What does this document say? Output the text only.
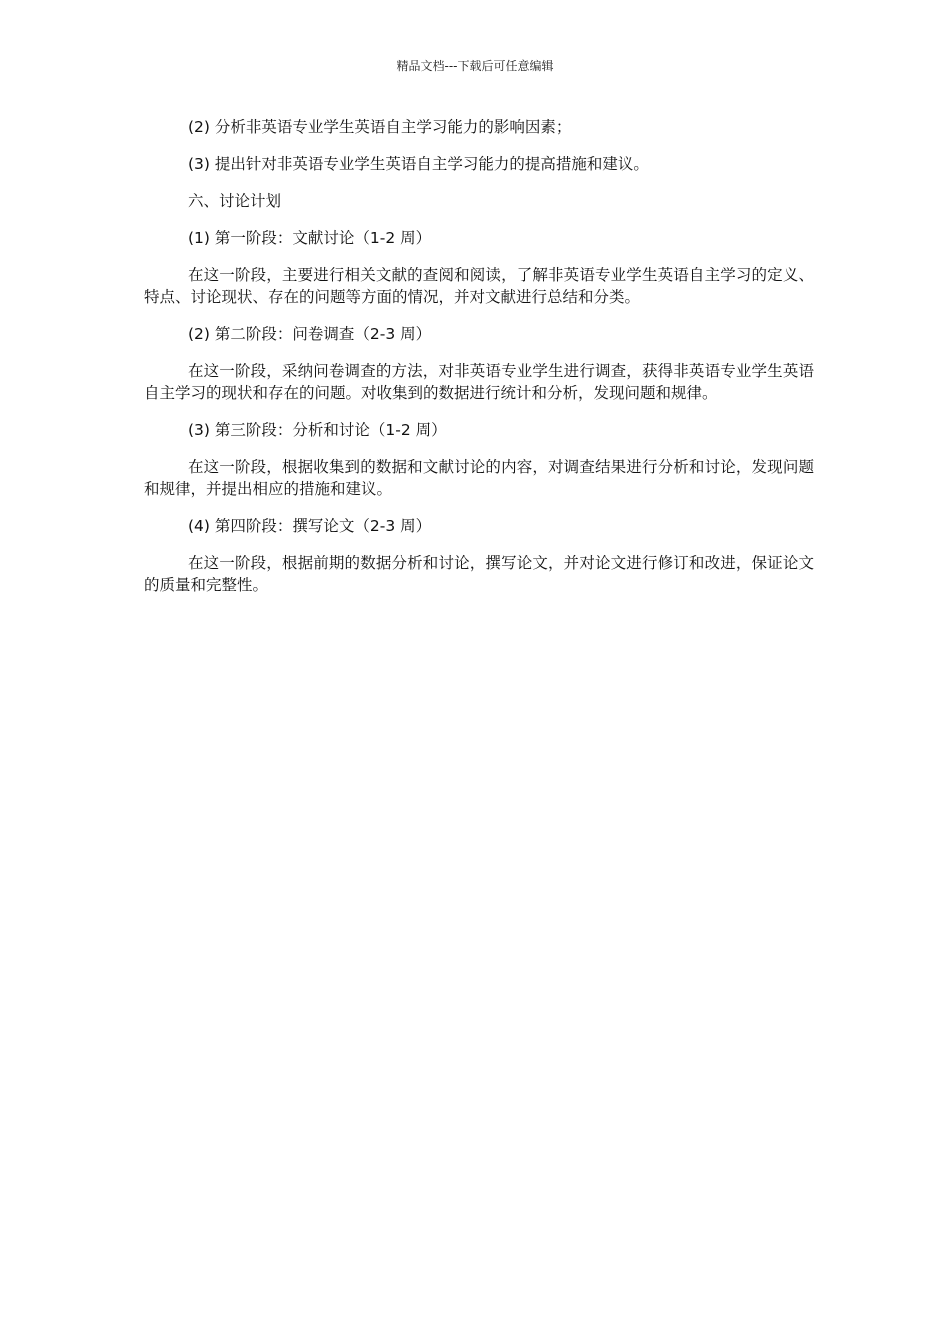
精品文档---下载后可任意编辑

(2) 分析非英语专业学生英语自主学习能力的影响因素；

(3) 提出针对非英语专业学生英语自主学习能力的提高措施和建议。

六、讨论计划

(1) 第一阶段：文献讨论（1-2 周）

在这一阶段，主要进行相关文献的查阅和阅读，了解非英语专业学生英语自主学习的定义、特点、讨论现状、存在的问题等方面的情况，并对文献进行总结和分类。

(2) 第二阶段：问卷调查（2-3 周）

在这一阶段，采纳问卷调查的方法，对非英语专业学生进行调查，获得非英语专业学生英语自主学习的现状和存在的问题。对收集到的数据进行统计和分析，发现问题和规律。

(3) 第三阶段：分析和讨论（1-2 周）

在这一阶段，根据收集到的数据和文献讨论的内容，对调查结果进行分析和讨论，发现问题和规律，并提出相应的措施和建议。

(4) 第四阶段：撰写论文（2-3 周）

在这一阶段，根据前期的数据分析和讨论，撰写论文，并对论文进行修订和改进，保证论文的质量和完整性。
